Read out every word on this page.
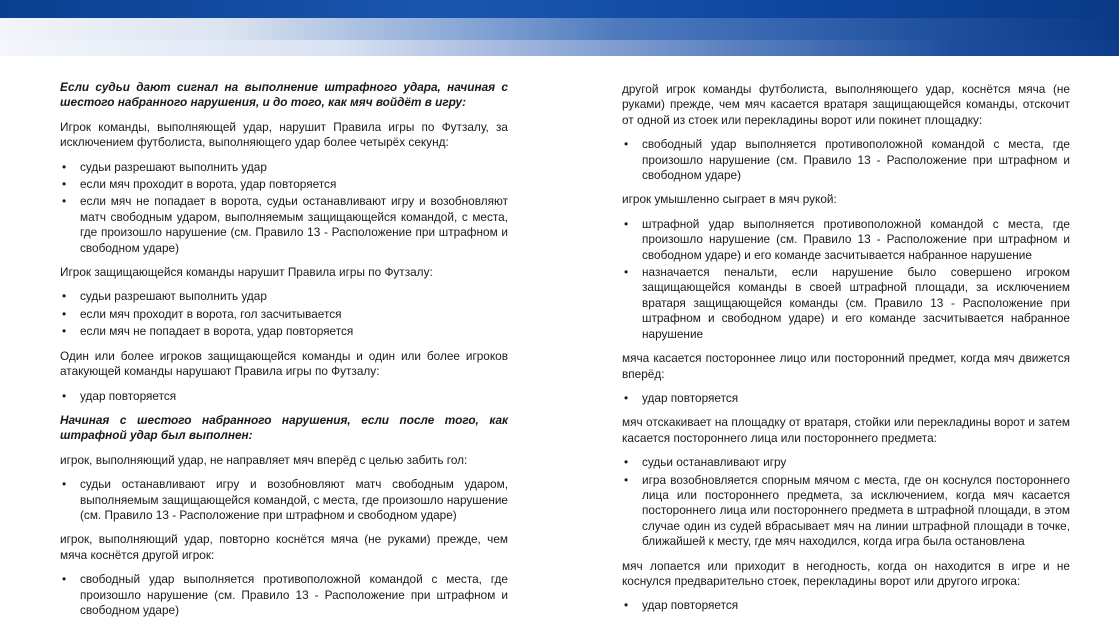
Если судьи дают сигнал на выполнение штрафного удара, начиная с шестого набранного нарушения, и до того, как мяч войдёт в игру:

Игрок команды, выполняющей удар, нарушит Правила игры по Футзалу, за исключением футболиста, выполняющего удар более четырёх секунд:

• судьи разрешают выполнить удар
• если мяч проходит в ворота, удар повторяется
• если мяч не попадает в ворота, судьи останавливают игру и возобновляют матч свободным ударом, выполняемым защищающейся командой, с места, где произошло нарушение (см. Правило 13 - Расположение при штрафном и свободном ударе)

Игрок защищающейся команды нарушит Правила игры по Футзалу:

• судьи разрешают выполнить удар
• если мяч проходит в ворота, гол засчитывается
• если мяч не попадает в ворота, удар повторяется

Один или более игроков защищающейся команды и один или более игроков атакующей команды нарушают Правила игры по Футзалу:

• удар повторяется

Начиная с шестого набранного нарушения, если после того, как штрафной удар был выполнен:

игрок, выполняющий удар, не направляет мяч вперёд с целью забить гол:

• судьи останавливают игру и возобновляют матч свободным ударом, выполняемым защищающейся командой, с места, где произошло нарушение (см. Правило 13 - Расположение при штрафном и свободном ударе)

игрок, выполняющий удар, повторно коснётся мяча (не руками) прежде, чем мяча коснётся другой игрок:

• свободный удар выполняется противоположной командой с места, где произошло нарушение (см. Правило 13 - Расположение при штрафном и свободном ударе)

другой игрок команды футболиста, выполняющего удар, коснётся мяча (не руками) прежде, чем мяч касается вратаря защищающейся команды, отскочит от одной из стоек или перекладины ворот или покинет площадку:

• свободный удар выполняется противоположной командой с места, где произошло нарушение (см. Правило 13 - Расположение при штрафном и свободном ударе)

игрок умышленно сыграет в мяч рукой:

• штрафной удар выполняется противоположной командой с места, где произошло нарушение (см. Правило 13 - Расположение при штрафном и свободном ударе) и его команде засчитывается набранное нарушение
• назначается пенальти, если нарушение было совершено игроком защищающейся команды в своей штрафной площади, за исключением вратаря защищающейся команды (см. Правило 13 - Расположение при штрафном и свободном ударе) и его команде засчитывается набранное нарушение

мяча касается постороннее лицо или посторонний предмет, когда мяч движется вперёд:

• удар повторяется

мяч отскакивает на площадку от вратаря, стойки или перекладины ворот и затем касается постороннего лица или постороннего предмета:

• судьи останавливают игру
• игра возобновляется спорным мячом с места, где он коснулся постороннего лица или постороннего предмета, за исключением, когда мяч касается постороннего лица или постороннего предмета в штрафной площади, в этом случае один из судей вбрасывает мяч на линии штрафной площади в точке, ближайшей к месту, где мяч находился, когда игра была остановлена

мяч лопается или приходит в негодность, когда он находится в игре и не коснулся предварительно стоек, перекладины ворот или другого игрока:

• удар повторяется
